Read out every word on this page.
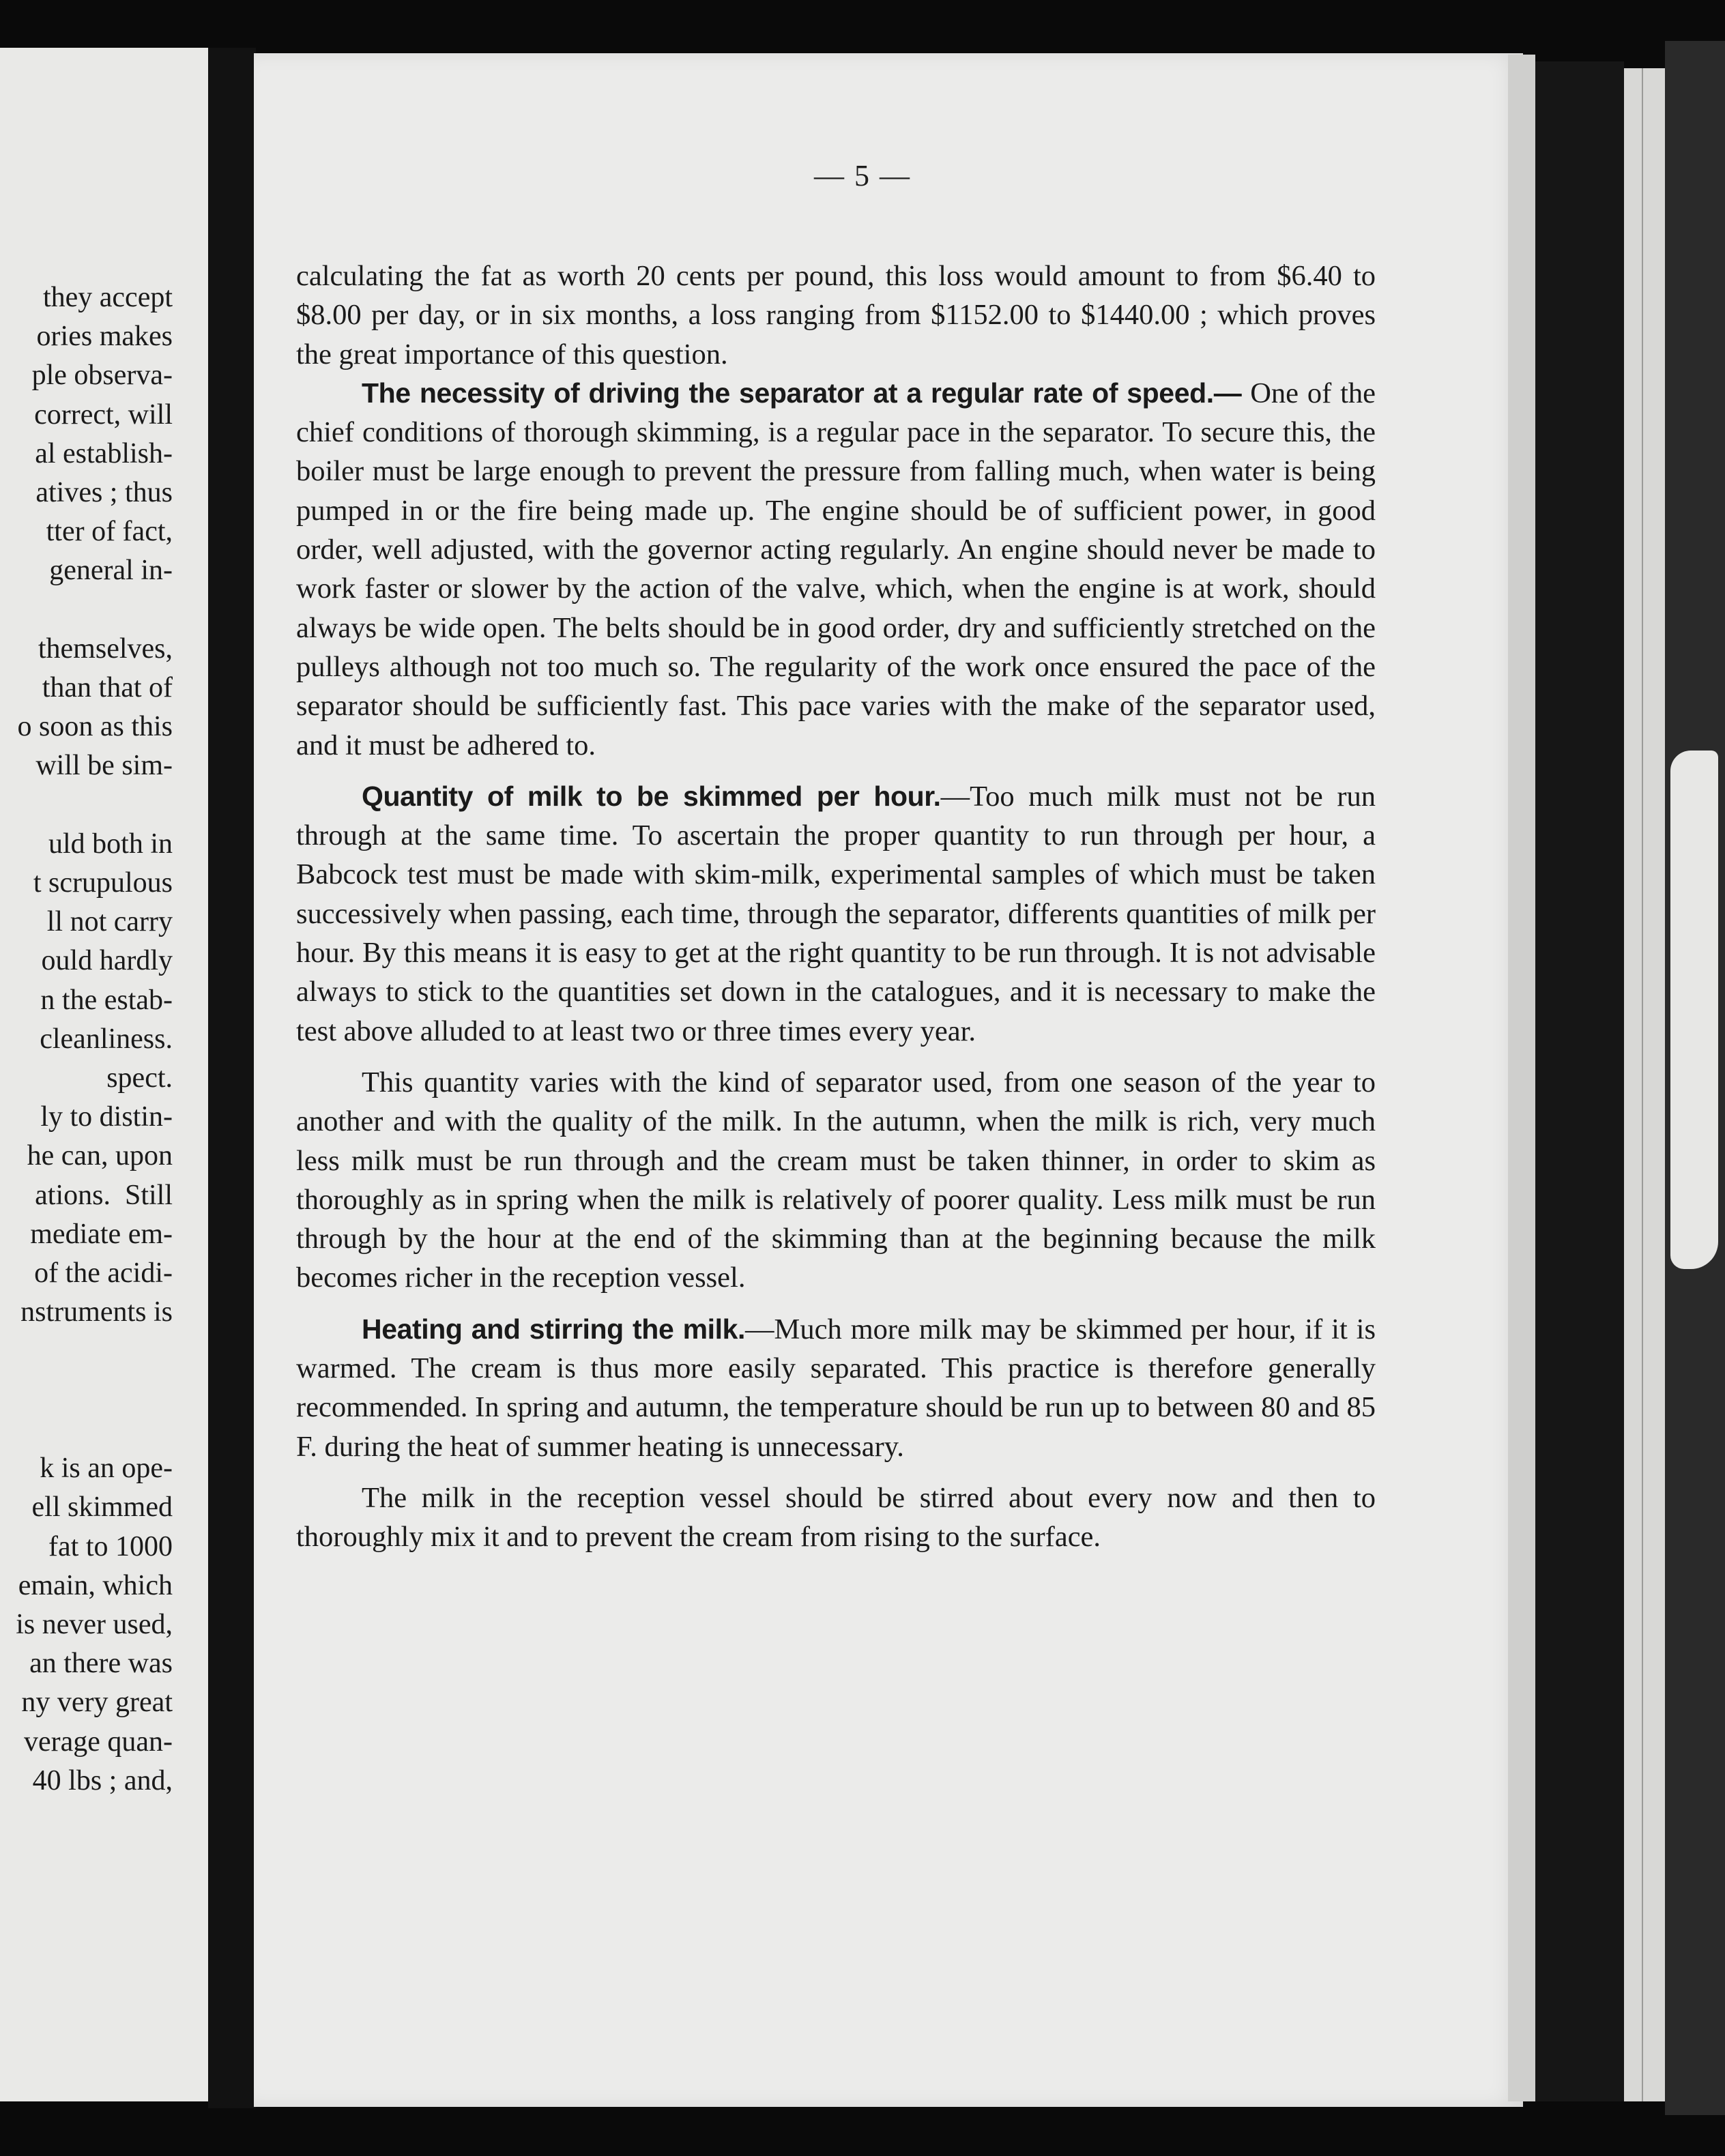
they accept
ories makes
ple observa-
correct, will
al establish-
atives ; thus
tter of fact,
general in-

themselves,
than that of
o soon as this
will be sim-

uld both in
t scrupulous
ll not carry
ould hardly
n the estab-
cleanliness.
spect.
ly to distin-
he can, upon
ations.  Still
mediate em-
of the acidi-
nstruments is

k is an ope-
ell skimmed
fat to 1000
emain, which
is never used,
an there was
ny very great
verage quan-
40 lbs ; and,
— 5 —

calculating the fat as worth 20 cents per pound, this loss would amount to from $6.40 to $8.00 per day, or in six months, a loss ranging from $1152.00 to $1440.00 ; which proves the great importance of this question.

The necessity of driving the separator at a regular rate of speed.— One of the chief conditions of thorough skimming, is a regular pace in the separator. To secure this, the boiler must be large enough to prevent the pressure from falling much, when water is being pumped in or the fire being made up. The engine should be of sufficient power, in good order, well adjusted, with the governor acting regularly. An engine should never be made to work faster or slower by the action of the valve, which, when the engine is at work, should always be wide open. The belts should be in good order, dry and sufficiently stretched on the pulleys although not too much so. The regularity of the work once ensured the pace of the separator should be sufficiently fast. This pace varies with the make of the separator used, and it must be adhered to.

Quantity of milk to be skimmed per hour.—Too much milk must not be run through at the same time. To ascertain the proper quantity to run through per hour, a Babcock test must be made with skim-milk, experimental samples of which must be taken successively when passing, each time, through the separator, differents quantities of milk per hour. By this means it is easy to get at the right quantity to be run through. It is not advisable always to stick to the quantities set down in the catalogues, and it is necessary to make the test above alluded to at least two or three times every year.

This quantity varies with the kind of separator used, from one season of the year to another and with the quality of the milk. In the autumn, when the milk is rich, very much less milk must be run through and the cream must be taken thinner, in order to skim as thoroughly as in spring when the milk is relatively of poorer quality. Less milk must be run through by the hour at the end of the skimming than at the beginning because the milk becomes richer in the reception vessel.

Heating and stirring the milk.—Much more milk may be skimmed per hour, if it is warmed. The cream is thus more easily separated. This practice is therefore generally recommended. In spring and autumn, the temperature should be run up to between 80 and 85 F. during the heat of summer heating is unnecessary.

The milk in the reception vessel should be stirred about every now and then to thoroughly mix it and to prevent the cream from rising to the surface.
